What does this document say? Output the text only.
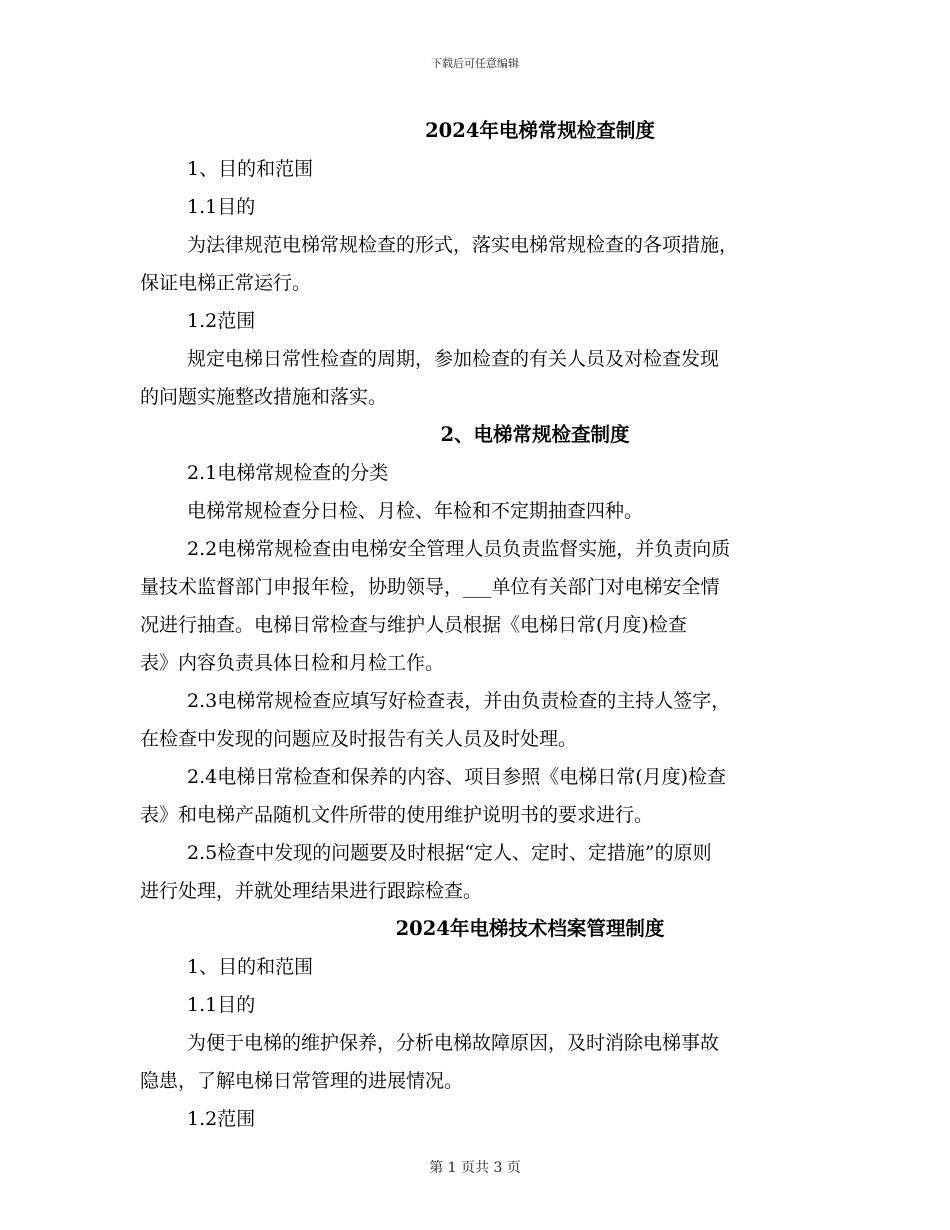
下载后可任意编辑
2024年电梯常规检查制度
1、目的和范围
1.1目的
为法律规范电梯常规检查的形式，落实电梯常规检查的各项措施，
保证电梯正常运行。
1.2范围
规定电梯日常性检查的周期，参加检查的有关人员及对检查发现
的问题实施整改措施和落实。
2、电梯常规检查制度
2.1电梯常规检查的分类
电梯常规检查分日检、月检、年检和不定期抽查四种。
2.2电梯常规检查由电梯安全管理人员负责监督实施，并负责向质
量技术监督部门申报年检，协助领导，___单位有关部门对电梯安全情
况进行抽查。电梯日常检查与维护人员根据《电梯日常(月度)检查
表》内容负责具体日检和月检工作。
2.3电梯常规检查应填写好检查表，并由负责检查的主持人签字，
在检查中发现的问题应及时报告有关人员及时处理。
2.4电梯日常检查和保养的内容、项目参照《电梯日常(月度)检查
表》和电梯产品随机文件所带的使用维护说明书的要求进行。
2.5检查中发现的问题要及时根据“定人、定时、定措施”的原则
进行处理，并就处理结果进行跟踪检查。
2024年电梯技术档案管理制度
1、目的和范围
1.1目的
为便于电梯的维护保养，分析电梯故障原因，及时消除电梯事故
隐患，了解电梯日常管理的进展情况。
1.2范围
第 1 页共 3 页
